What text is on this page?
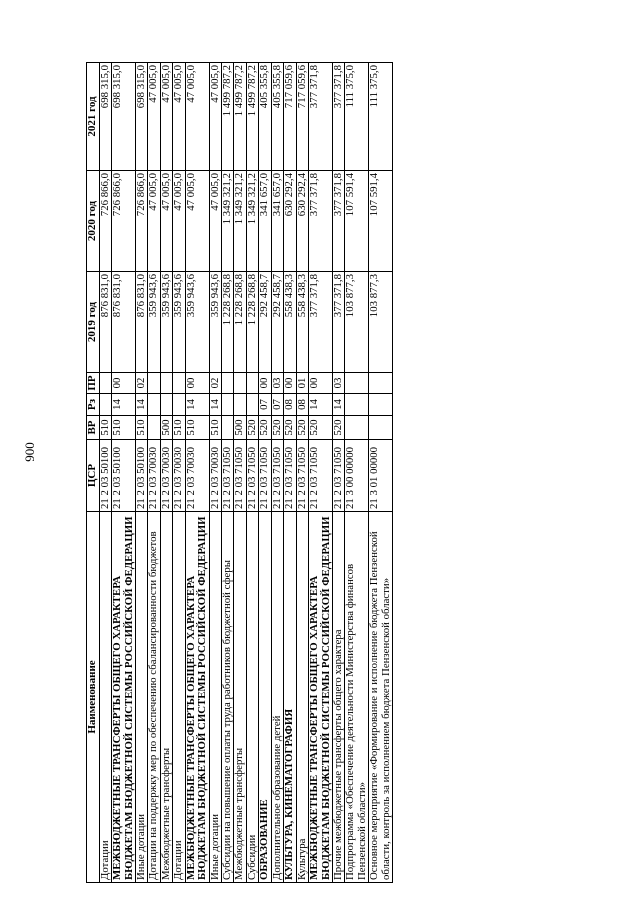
900
Наименование	ЦСР	ВР	Рз	ПР	2019 год	2020 год	2021 год
Дотации	21 2 03 50100	510			876 831,0	726 866,0	698 315,0
МЕЖБЮДЖЕТНЫЕ ТРАНСФЕРТЫ ОБЩЕГО ХАРАКТЕРА БЮДЖЕТАМ БЮДЖЕТНОЙ СИСТЕМЫ РОССИЙСКОЙ ФЕДЕРАЦИИ	21 2 03 50100	510	14	00	876 831,0	726 866,0	698 315,0
Иные дотации	21 2 03 50100	510	14	02	876 831,0	726 866,0	698 315,0
Дотации на поддержку мер по обеспечению сбалансированности бюджетов	21 2 03 70030				359 943,6	47 005,0	47 005,0
Межбюджетные трансферты	21 2 03 70030	500			359 943,6	47 005,0	47 005,0
Дотации	21 2 03 70030	510			359 943,6	47 005,0	47 005,0
МЕЖБЮДЖЕТНЫЕ ТРАНСФЕРТЫ ОБЩЕГО ХАРАКТЕРА БЮДЖЕТАМ БЮДЖЕТНОЙ СИСТЕМЫ РОССИЙСКОЙ ФЕДЕРАЦИИ	21 2 03 70030	510	14	00	359 943,6	47 005,0	47 005,0
Иные дотации	21 2 03 70030	510	14	02	359 943,6	47 005,0	47 005,0
Субсидии на повышение оплаты труда работников бюджетной сферы	21 2 03 71050				1 228 268,8	1 349 321,2	1 499 787,2
Межбюджетные трансферты	21 2 03 71050	500			1 228 268,8	1 349 321,2	1 499 787,2
Субсидии	21 2 03 71050	520			1 228 268,8	1 349 321,2	1 499 787,2
ОБРАЗОВАНИЕ	21 2 03 71050	520	07	00	292 458,7	341 657,0	405 355,8
Дополнительное образование детей	21 2 03 71050	520	07	03	292 458,7	341 657,0	405 355,8
КУЛЬТУРА, КИНЕМАТОГРАФИЯ	21 2 03 71050	520	08	00	558 438,3	630 292,4	717 059,6
Культура	21 2 03 71050	520	08	01	558 438,3	630 292,4	717 059,6
МЕЖБЮДЖЕТНЫЕ ТРАНСФЕРТЫ ОБЩЕГО ХАРАКТЕРА БЮДЖЕТАМ БЮДЖЕТНОЙ СИСТЕМЫ РОССИЙСКОЙ ФЕДЕРАЦИИ	21 2 03 71050	520	14	00	377 371,8	377 371,8	377 371,8
Прочие межбюджетные трансферты общего характера	21 2 03 71050	520	14	03	377 371,8	377 371,8	377 371,8
Подпрограмма «Обеспечение деятельности Министерства финансов Пензенской области»	21 3 00 00000				103 877,3	107 591,4	111 375,0
Основное мероприятие «Формирование и исполнение бюджета Пензенской области, контроль за исполнением бюджета Пензенской области»	21 3 01 00000				103 877,3	107 591,4	111 375,0
